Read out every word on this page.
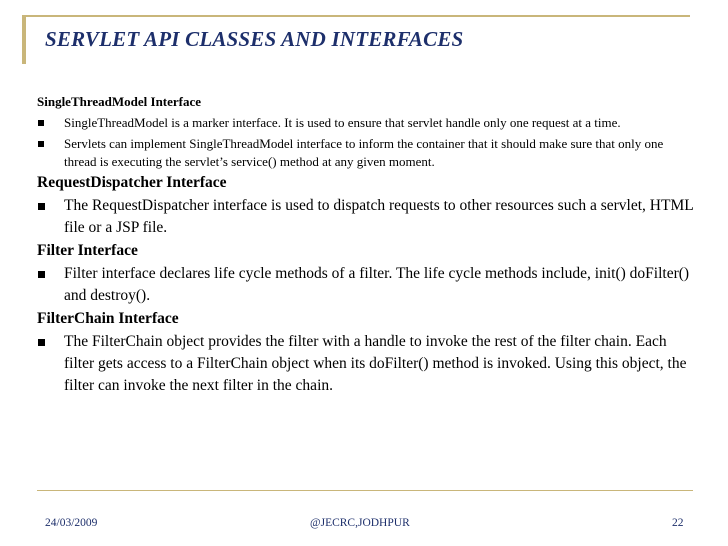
SERVLET API CLASSES AND INTERFACES
SingleThreadModel Interface
SingleThreadModel is a marker interface. It is used to ensure that servlet handle only one request at a time.
Servlets can implement SingleThreadModel interface to inform the container that it should make sure that only one thread is executing the servlet’s service() method at any given moment.
RequestDispatcher Interface
The RequestDispatcher interface is used to dispatch requests to other resources such a servlet, HTML file or a JSP file.
Filter Interface
Filter interface declares life cycle methods of a filter. The life cycle methods include, init() doFilter() and destroy().
FilterChain Interface
The FilterChain object provides the filter with a handle to invoke the rest of the filter chain. Each filter gets access to a FilterChain object when its doFilter() method is invoked. Using this object, the filter can invoke the next filter in the chain.
24/03/2009	@JECRC,JODHPUR	22
